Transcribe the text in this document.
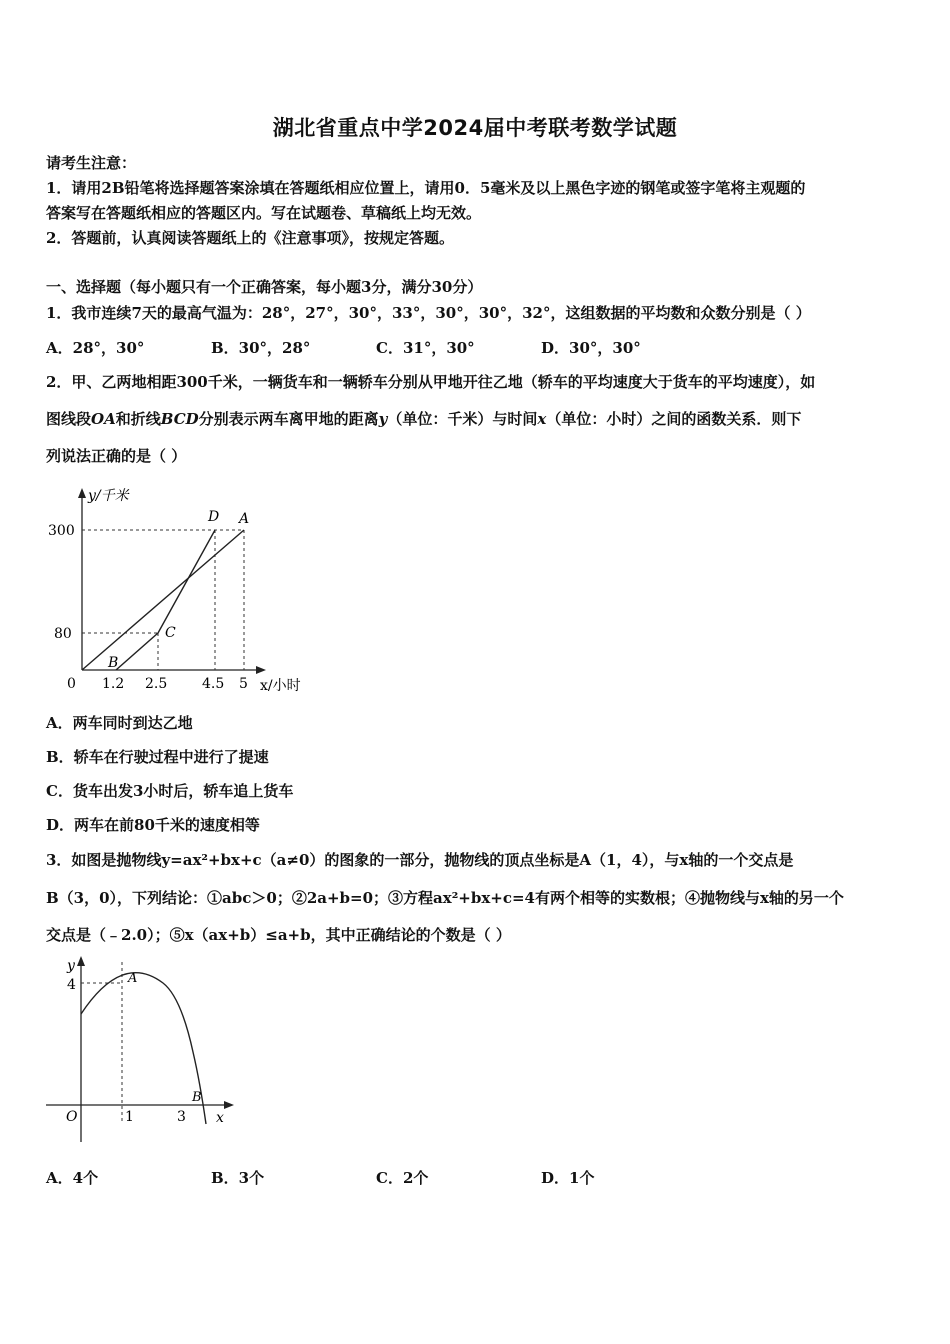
湖北省重点中学2024届中考联考数学试题
请考生注意：
1．请用2B铅笔将选择题答案涂填在答题纸相应位置上，请用0．5毫米及以上黑色字迹的钢笔或签字笔将主观题的
答案写在答题纸相应的答题区内。写在试题卷、草稿纸上均无效。
2．答题前，认真阅读答题纸上的《注意事项》，按规定答题。
一、选择题（每小题只有一个正确答案，每小题3分，满分30分）
1．我市连续7天的最高气温为：28°，27°，30°，33°，30°，30°，32°，这组数据的平均数和众数分别是（ ）
A．28°，30°	B．30°，28°	C．31°，30°	D．30°，30°
2．甲、乙两地相距300千米，一辆货车和一辆轿车分别从甲地开往乙地（轿车的平均速度大于货车的平均速度），如
图线段OA和折线BCD分别表示两车离甲地的距离y（单位：千米）与时间x（单位：小时）之间的函数关系．则下
列说法正确的是（ ）
y/千米
x/小时
300
80
0 1.2 2.5 4.5 5
D A
C
B
A．两车同时到达乙地
B．轿车在行驶过程中进行了提速
C．货车出发3小时后，轿车追上货车
D．两车在前80千米的速度相等
3．如图是抛物线y=ax²+bx+c（a≠0）的图象的一部分，抛物线的顶点坐标是A（1，4），与x轴的一个交点是
B（3，0），下列结论：①abc＞0；②2a+b=0；③方程ax²+bx+c=4有两个相等的实数根；④抛物线与x轴的另一个
交点是（﹣2.0）；⑤x（ax+b）≤a+b，其中正确结论的个数是（ ）
y
x
4
O	1	3
A
B
A．4个	B．3个	C．2个	D．1个
